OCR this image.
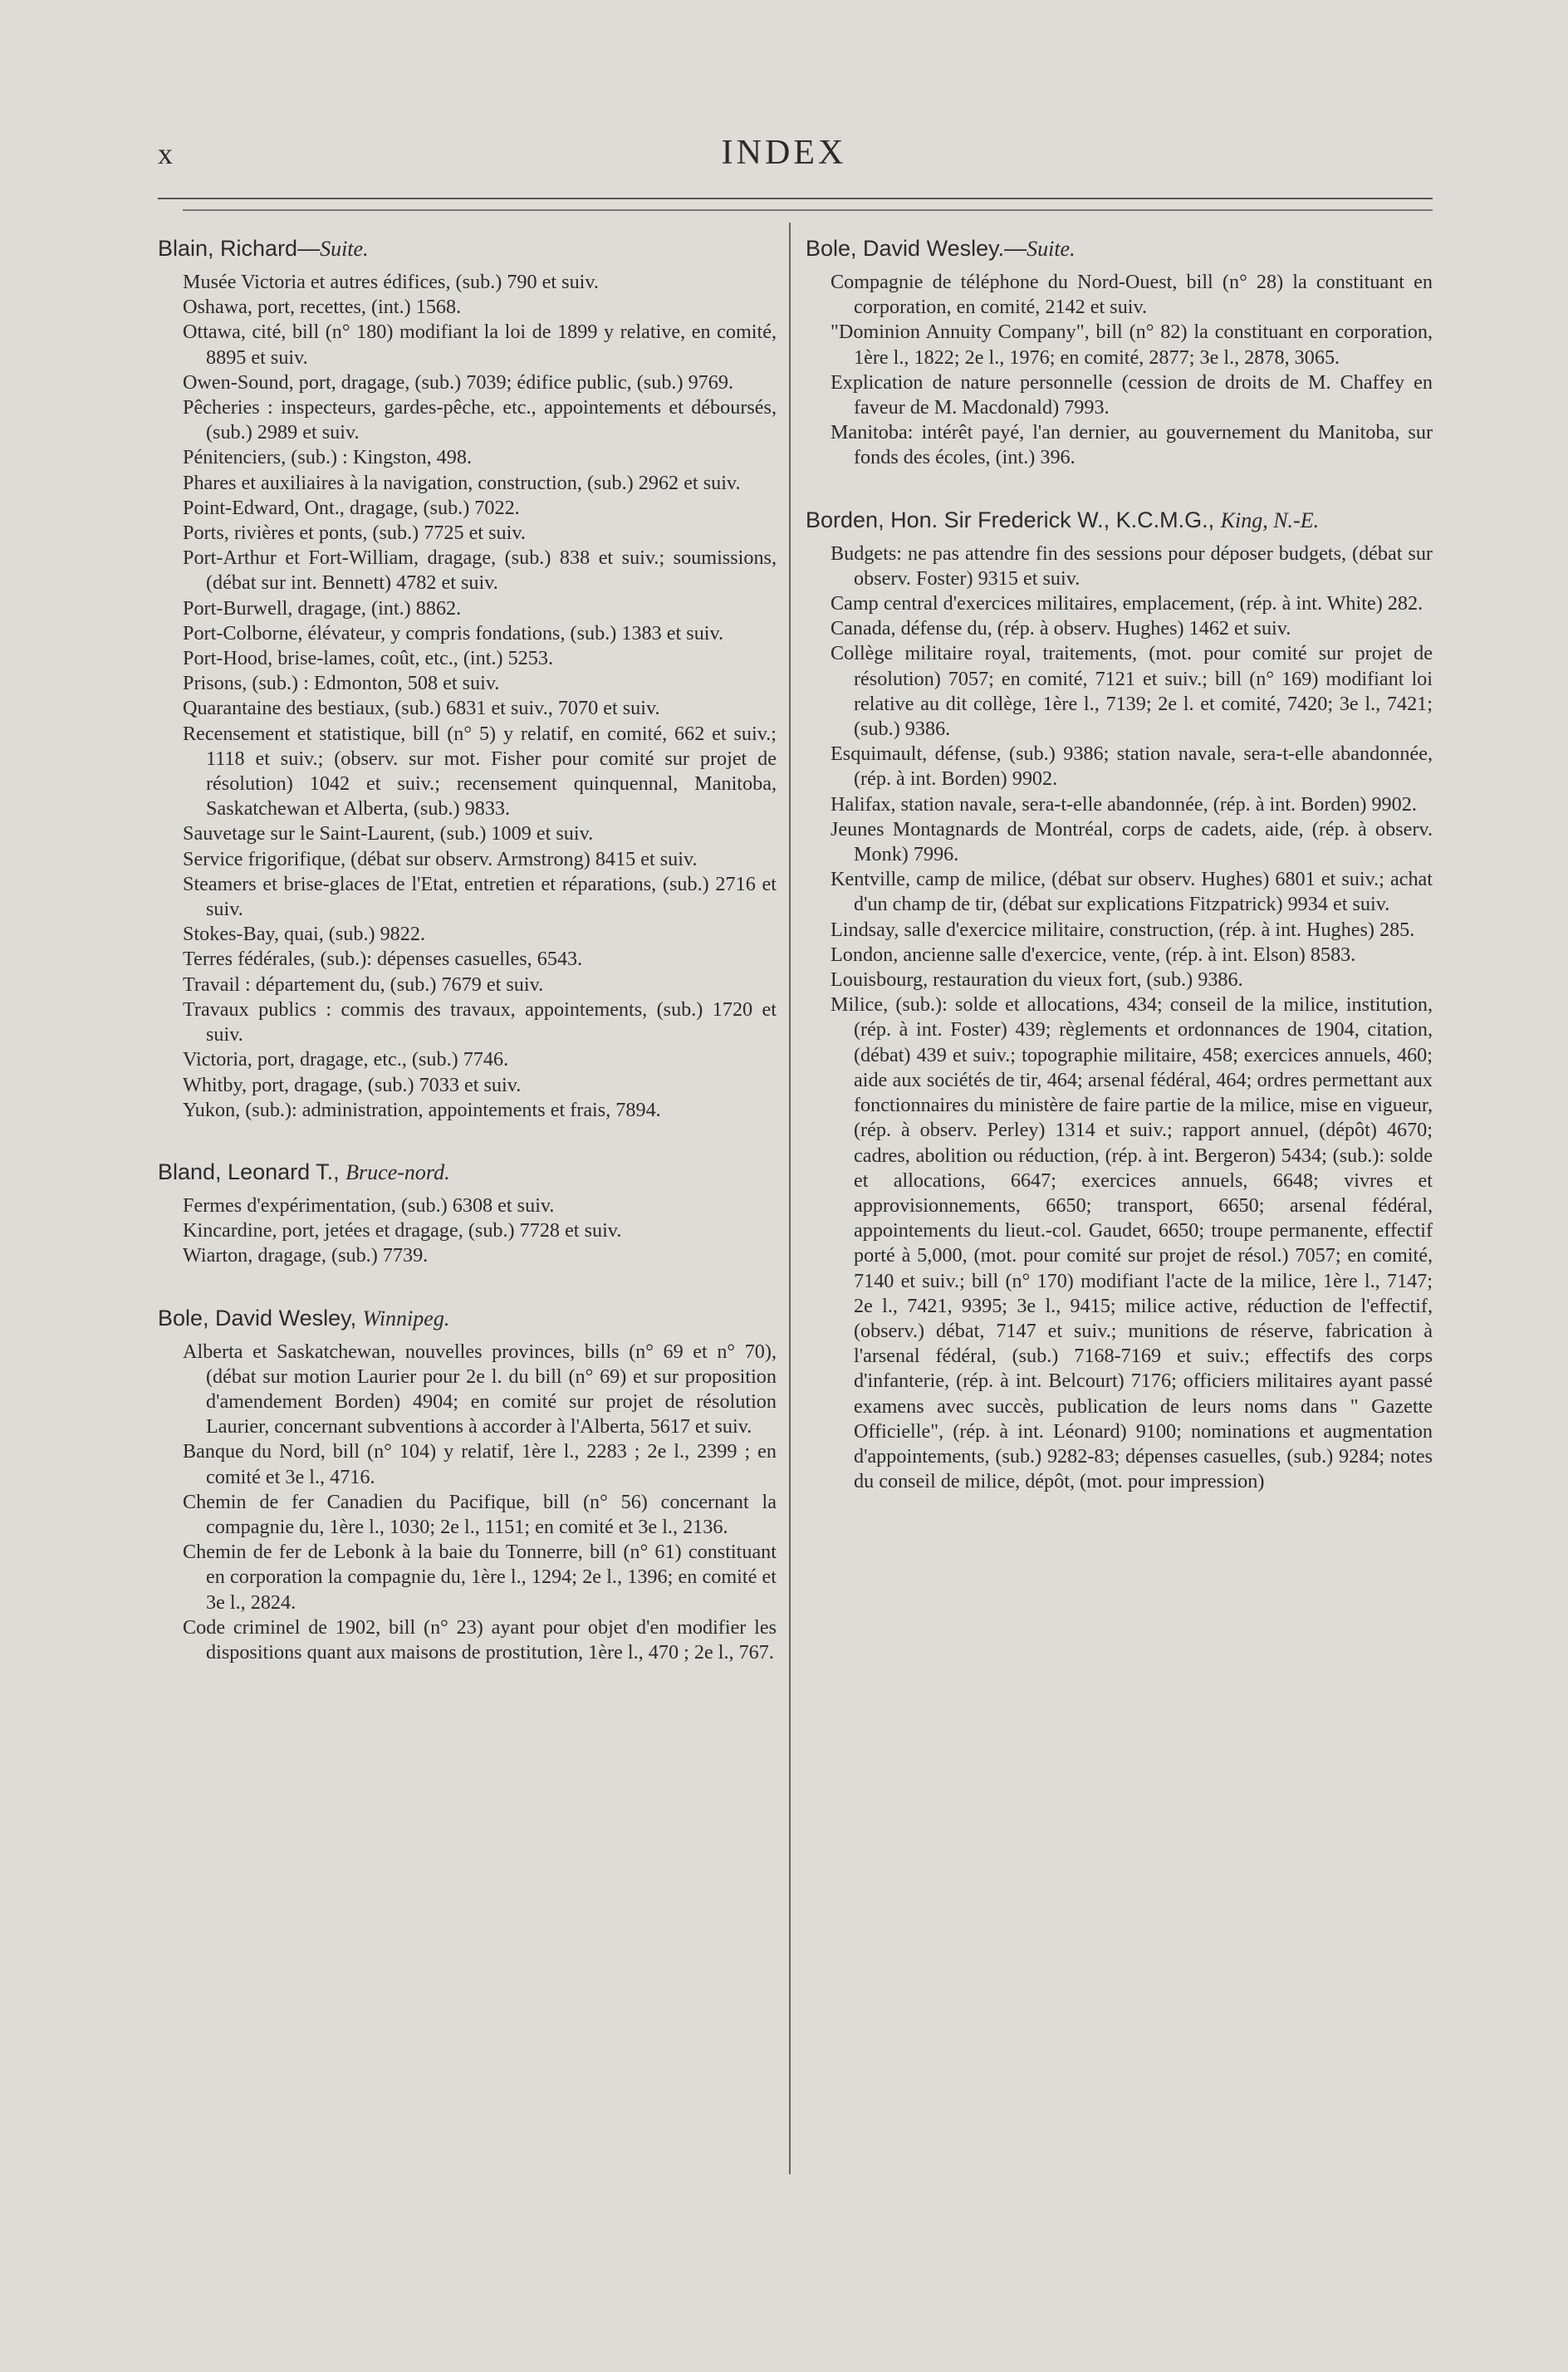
x	INDEX
Blain, Richard—Suite.

Musée Victoria et autres édifices, (sub.) 790 et suiv.

Oshawa, port, recettes, (int.) 1568.

Ottawa, cité, bill (n° 180) modifiant la loi de 1899 y relative, en comité, 8895 et suiv.

Owen-Sound, port, dragage, (sub.) 7039; édifice public, (sub.) 9769.

Pêcheries : inspecteurs, gardes-pêche, etc., appointements et déboursés, (sub.) 2989 et suiv.

Pénitenciers, (sub.) : Kingston, 498.

Phares et auxiliaires à la navigation, construction, (sub.) 2962 et suiv.

Point-Edward, Ont., dragage, (sub.) 7022.

Ports, rivières et ponts, (sub.) 7725 et suiv.

Port-Arthur et Fort-William, dragage, (sub.) 838 et suiv.; soumissions, (débat sur int. Bennett) 4782 et suiv.

Port-Burwell, dragage, (int.) 8862.

Port-Colborne, élévateur, y compris fondations, (sub.) 1383 et suiv.

Port-Hood, brise-lames, coût, etc., (int.) 5253.

Prisons, (sub.) : Edmonton, 508 et suiv.

Quarantaine des bestiaux, (sub.) 6831 et suiv., 7070 et suiv.

Recensement et statistique, bill (n° 5) y relatif, en comité, 662 et suiv.; 1118 et suiv.; (observ. sur mot. Fisher pour comité sur projet de résolution) 1042 et suiv.; recensement quinquennal, Manitoba, Saskatchewan et Alberta, (sub.) 9833.

Sauvetage sur le Saint-Laurent, (sub.) 1009 et suiv.

Service frigorifique, (débat sur observ. Armstrong) 8415 et suiv.

Steamers et brise-glaces de l'Etat, entretien et réparations, (sub.) 2716 et suiv.

Stokes-Bay, quai, (sub.) 9822.

Terres fédérales, (sub.): dépenses casuelles, 6543.

Travail : département du, (sub.) 7679 et suiv.

Travaux publics : commis des travaux, appointements, (sub.) 1720 et suiv.

Victoria, port, dragage, etc., (sub.) 7746.

Whitby, port, dragage, (sub.) 7033 et suiv.

Yukon, (sub.): administration, appointements et frais, 7894.

Bland, Leonard T., Bruce-nord.

Fermes d'expérimentation, (sub.) 6308 et suiv.

Kincardine, port, jetées et dragage, (sub.) 7728 et suiv.

Wiarton, dragage, (sub.) 7739.

Bole, David Wesley, Winnipeg.

Alberta et Saskatchewan, nouvelles provinces, bills (n° 69 et n° 70), (débat sur motion Laurier pour 2e l. du bill (n° 69) et sur proposition d'amendement Borden) 4904; en comité sur projet de résolution Laurier, concernant subventions à accorder à l'Alberta, 5617 et suiv.

Banque du Nord, bill (n° 104) y relatif, 1ère l., 2283 ; 2e l., 2399 ; en comité et 3e l., 4716.

Chemin de fer Canadien du Pacifique, bill (n° 56) concernant la compagnie du, 1ère l., 1030; 2e l., 1151; en comité et 3e l., 2136.

Chemin de fer de Lebonk à la baie du Tonnerre, bill (n° 61) constituant en corporation la compagnie du, 1ère l., 1294; 2e l., 1396; en comité et 3e l., 2824.

Code criminel de 1902, bill (n° 23) ayant pour objet d'en modifier les dispositions quant aux maisons de prostitution, 1ère l., 470 ; 2e l., 767.

Bole, David Wesley.—Suite.

Compagnie de téléphone du Nord-Ouest, bill (n° 28) la constituant en corporation, en comité, 2142 et suiv.

"Dominion Annuity Company", bill (n° 82) la constituant en corporation, 1ère l., 1822; 2e l., 1976; en comité, 2877; 3e l., 2878, 3065.

Explication de nature personnelle (cession de droits de M. Chaffey en faveur de M. Macdonald) 7993.

Manitoba: intérêt payé, l'an dernier, au gouvernement du Manitoba, sur fonds des écoles, (int.) 396.

Borden, Hon. Sir Frederick W., K.C.M.G., King, N.-E.

Budgets: ne pas attendre fin des sessions pour déposer budgets, (débat sur observ. Foster) 9315 et suiv.

Camp central d'exercices militaires, emplacement, (rép. à int. White) 282.

Canada, défense du, (rép. à observ. Hughes) 1462 et suiv.

Collège militaire royal, traitements, (mot. pour comité sur projet de résolution) 7057; en comité, 7121 et suiv.; bill (n° 169) modifiant loi relative au dit collège, 1ère l., 7139; 2e l. et comité, 7420; 3e l., 7421; (sub.) 9386.

Esquimault, défense, (sub.) 9386; station navale, sera-t-elle abandonnée, (rép. à int. Borden) 9902.

Halifax, station navale, sera-t-elle abandonnée, (rép. à int. Borden) 9902.

Jeunes Montagnards de Montréal, corps de cadets, aide, (rép. à observ. Monk) 7996.

Kentville, camp de milice, (débat sur observ. Hughes) 6801 et suiv.; achat d'un champ de tir, (débat sur explications Fitzpatrick) 9934 et suiv.

Lindsay, salle d'exercice militaire, construction, (rép. à int. Hughes) 285.

London, ancienne salle d'exercice, vente, (rép. à int. Elson) 8583.

Louisbourg, restauration du vieux fort, (sub.) 9386.

Milice, (sub.): solde et allocations, 434; conseil de la milice, institution, (rép. à int. Foster) 439; règlements et ordonnances de 1904, citation, (débat) 439 et suiv.; topographie militaire, 458; exercices annuels, 460; aide aux sociétés de tir, 464; arsenal fédéral, 464; ordres permettant aux fonctionnaires du ministère de faire partie de la milice, mise en vigueur, (rép. à observ. Perley) 1314 et suiv.; rapport annuel, (dépôt) 4670; cadres, abolition ou réduction, (rép. à int. Bergeron) 5434; (sub.): solde et allocations, 6647; exercices annuels, 6648; vivres et approvisionnements, 6650; transport, 6650; arsenal fédéral, appointements du lieut.-col. Gaudet, 6650; troupe permanente, effectif porté à 5,000, (mot. pour comité sur projet de résol.) 7057; en comité, 7140 et suiv.; bill (n° 170) modifiant l'acte de la milice, 1ère l., 7147; 2e l., 7421, 9395; 3e l., 9415; milice active, réduction de l'effectif, (observ.) débat, 7147 et suiv.; munitions de réserve, fabrication à l'arsenal fédéral, (sub.) 7168-7169 et suiv.; effectifs des corps d'infanterie, (rép. à int. Belcourt) 7176; officiers militaires ayant passé examens avec succès, publication de leurs noms dans " Gazette Officielle", (rép. à int. Léonard) 9100; nominations et augmentation d'appointements, (sub.) 9282-83; dépenses casuelles, (sub.) 9284; notes du conseil de milice, dépôt, (mot. pour impression)
